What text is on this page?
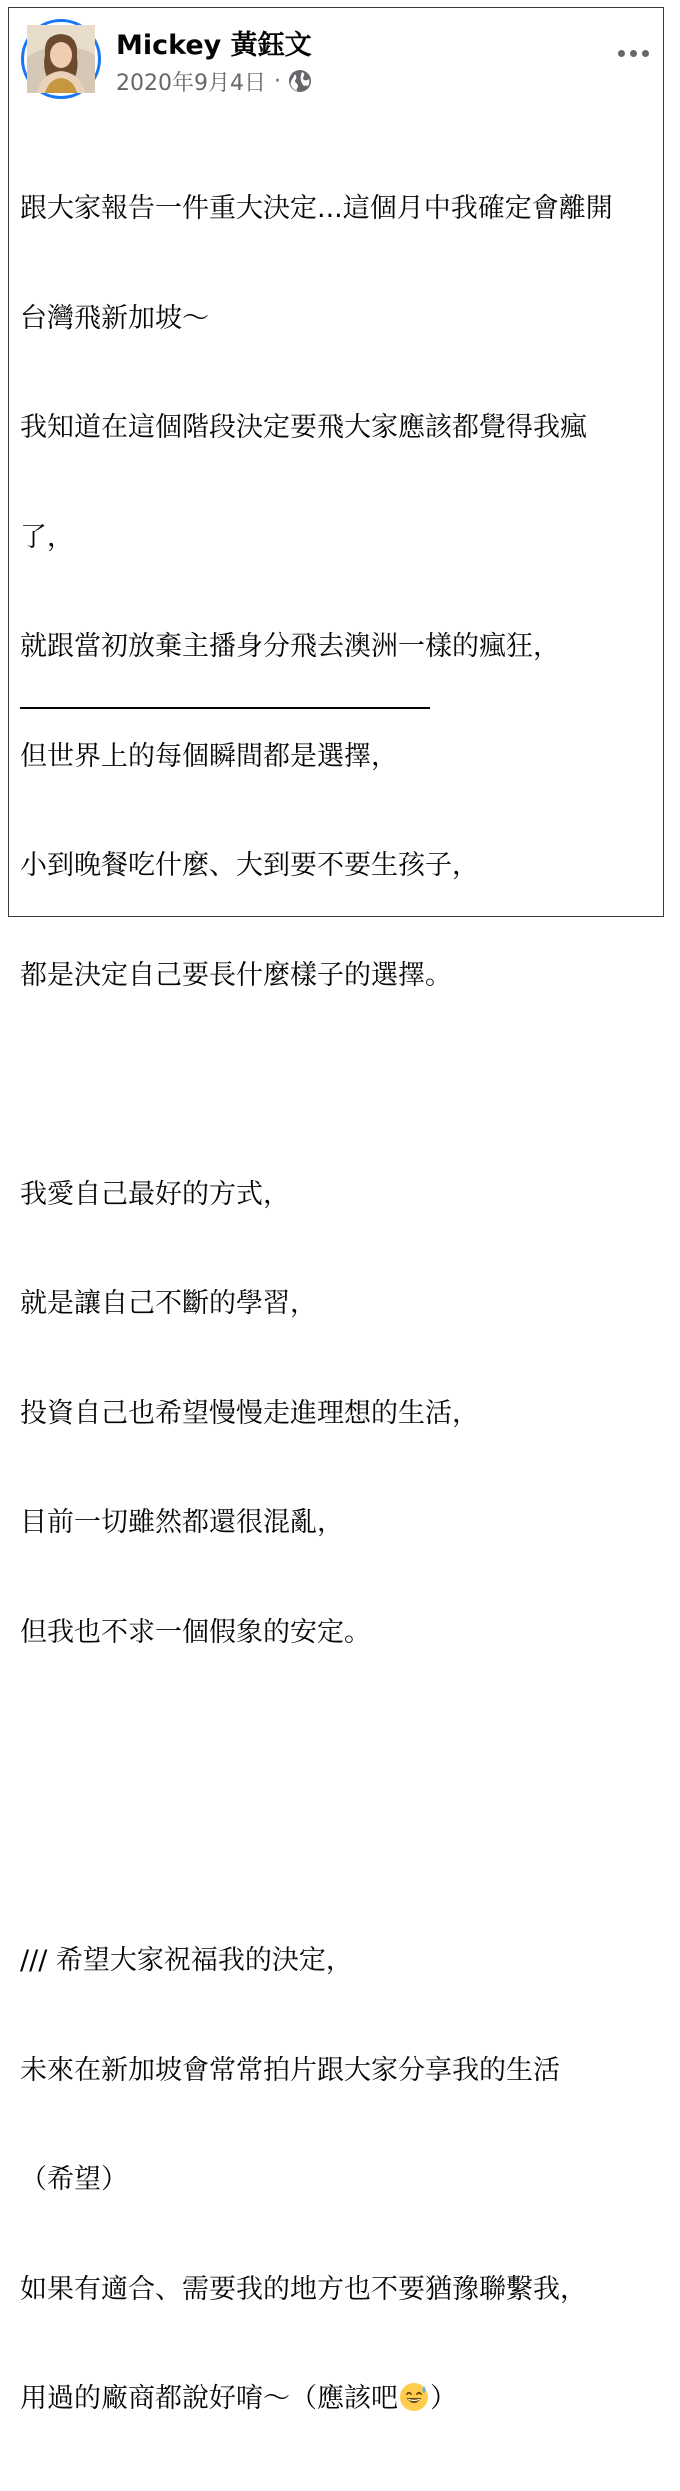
Mickey 黃鈺文
2020年9月4日 ·

跟大家報告一件重大決定...這個月中我確定會離開

台灣飛新加坡～

我知道在這個階段決定要飛大家應該都覺得我瘋

了，

就跟當初放棄主播身分飛去澳洲一樣的瘋狂，

但世界上的每個瞬間都是選擇，

小到晚餐吃什麼、大到要不要生孩子，

都是決定自己要長什麼樣子的選擇。

我愛自己最好的方式，

就是讓自己不斷的學習，

投資自己也希望慢慢走進理想的生活，

目前一切雖然都還很混亂，

但我也不求一個假象的安定。

/// 希望大家祝福我的決定，

未來在新加坡會常常拍片跟大家分享我的生活

（希望）

如果有適合、需要我的地方也不要猶豫聯繫我，

用過的廠商都說好唷～（應該吧 ）
